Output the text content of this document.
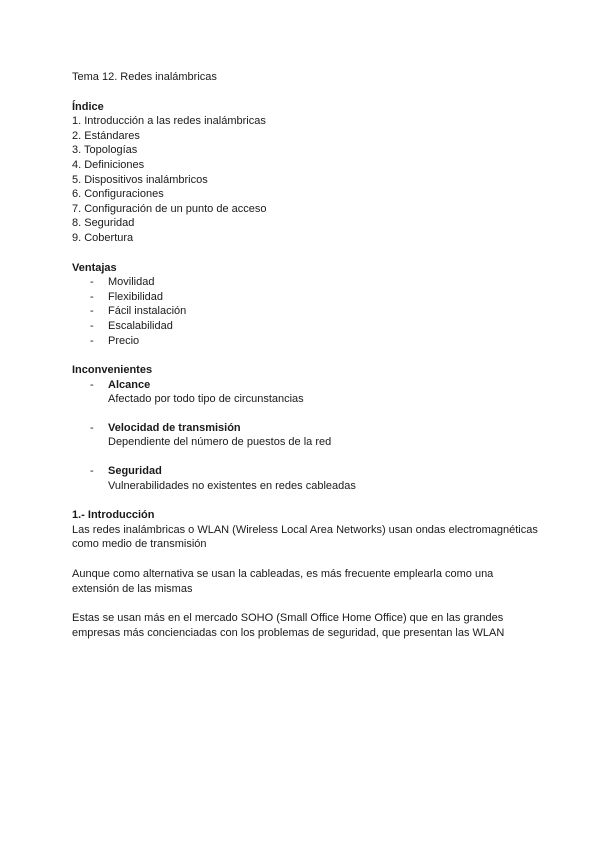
Tema 12. Redes inalámbricas
Índice
1. Introducción a las redes inalámbricas
2. Estándares
3. Topologías
4. Definiciones
5. Dispositivos inalámbricos
6. Configuraciones
7. Configuración de un punto de acceso
8. Seguridad
9. Cobertura
Ventajas
-	Movilidad
-	Flexibilidad
-	Fácil instalación
-	Escalabilidad
-	Precio
Inconvenientes
-	Alcance
Afectado por todo tipo de circunstancias
-	Velocidad de transmisión
Dependiente del número de puestos de la red
-	Seguridad
Vulnerabilidades no existentes en redes cableadas
1.- Introducción

Las redes inalámbricas o WLAN (Wireless Local Area Networks) usan ondas electromagnéticas como medio de transmisión

Aunque como alternativa se usan la cableadas, es más frecuente emplearla como una extensión de las mismas

Estas se usan más en el mercado SOHO (Small Office Home Office) que en las grandes empresas más concienciadas con los problemas de seguridad, que presentan las WLAN
